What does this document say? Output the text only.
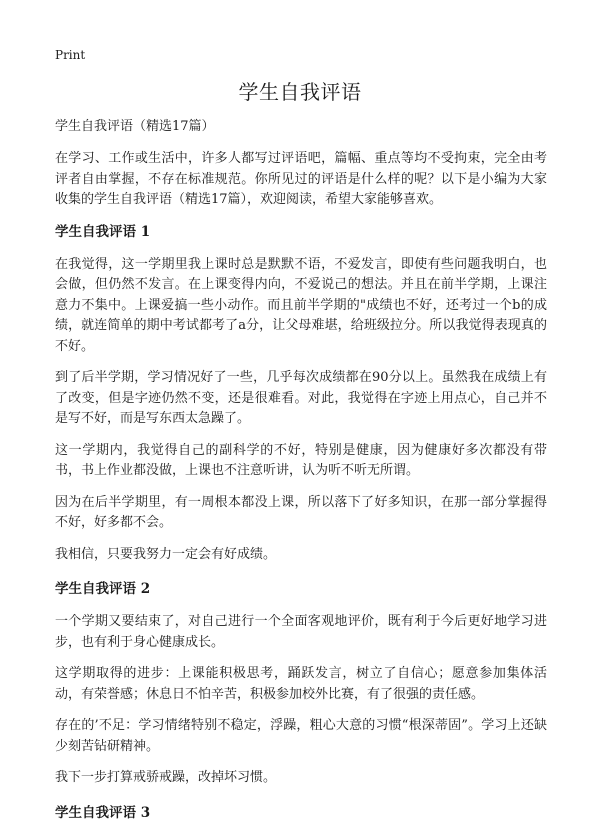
Print
学生自我评语

学生自我评语（精选17篇）

在学习、工作或生活中，许多人都写过评语吧，篇幅、重点等均不受拘束，完全由考评者自由掌握，不存在标准规范。你所见过的评语是什么样的呢？以下是小编为大家收集的学生自我评语（精选17篇），欢迎阅读，希望大家能够喜欢。

学生自我评语 1

在我觉得，这一学期里我上课时总是默默不语，不爱发言，即使有些问题我明白，也会做，但仍然不发言。在上课变得内向，不爱说己的想法。并且在前半学期，上课注意力不集中。上课爱搞一些小动作。而且前半学期的"成绩也不好，还考过一个b的成绩，就连简单的期中考试都考了a分，让父母难堪，给班级拉分。所以我觉得表现真的不好。

到了后半学期，学习情况好了一些，几乎每次成绩都在90分以上。虽然我在成绩上有了改变，但是字迹仍然不变，还是很难看。对此，我觉得在字迹上用点心，自己并不是写不好，而是写东西太急躁了。

这一学期内，我觉得自己的副科学的不好，特别是健康，因为健康好多次都没有带书，书上作业都没做，上课也不注意听讲，认为听不听无所谓。

因为在后半学期里，有一周根本都没上课，所以落下了好多知识，在那一部分掌握得不好，好多都不会。

我相信，只要我努力一定会有好成绩。

学生自我评语 2

一个学期又要结束了，对自己进行一个全面客观地评价，既有利于今后更好地学习进步，也有利于身心健康成长。

这学期取得的进步：上课能积极思考，踊跃发言，树立了自信心；愿意参加集体活动，有荣誉感；休息日不怕辛苦，积极参加校外比赛，有了很强的责任感。

存在的’不足：学习情绪特别不稳定，浮躁，粗心大意的习惯“根深蒂固”。学习上还缺少刻苦钻研精神。

我下一步打算戒骄戒躁，改掉坏习惯。

学生自我评语 3
